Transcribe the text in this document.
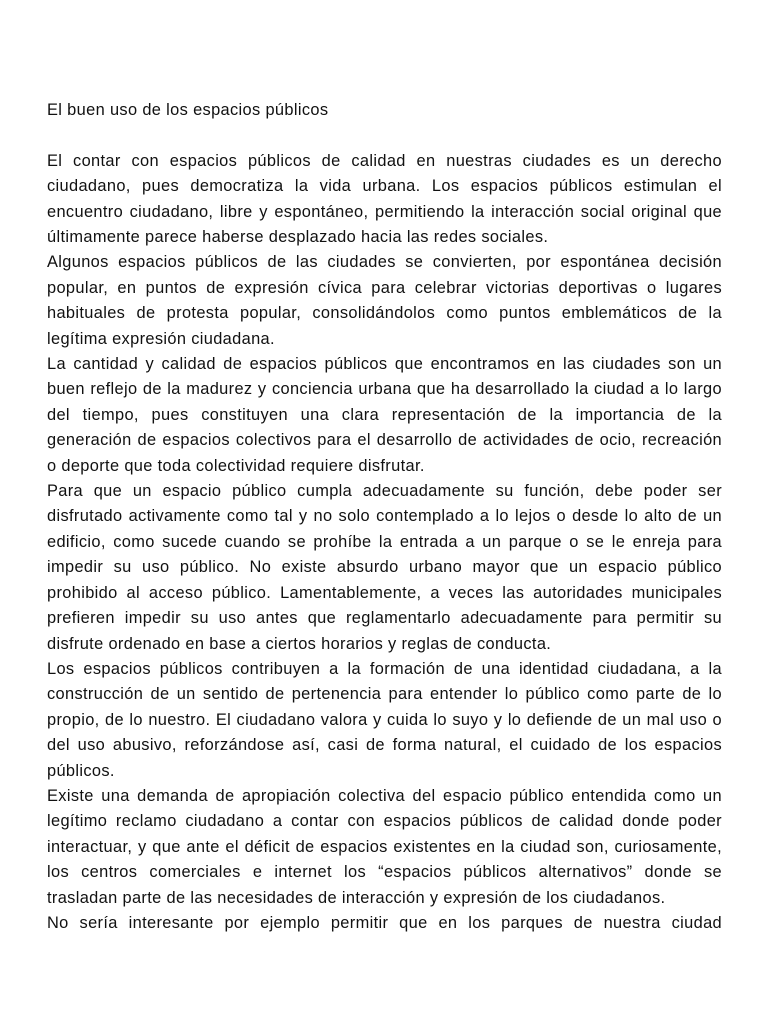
El buen uso de los espacios públicos

El contar con espacios públicos de calidad en nuestras ciudades es un derecho ciudadano, pues democratiza la vida urbana. Los espacios públicos estimulan el encuentro ciudadano, libre y espontáneo, permitiendo la interacción social original que últimamente parece haberse desplazado hacia las redes sociales.

Algunos espacios públicos de las ciudades se convierten, por espontánea decisión popular, en puntos de expresión cívica para celebrar victorias deportivas o lugares habituales de protesta popular, consolidándolos como puntos emblemáticos de la legítima expresión ciudadana.

La cantidad y calidad de espacios públicos que encontramos en las ciudades son un buen reflejo de la madurez y conciencia urbana que ha desarrollado la ciudad a lo largo del tiempo, pues constituyen una clara representación de la importancia de la generación de espacios colectivos para el desarrollo de actividades de ocio, recreación o deporte que toda colectividad requiere disfrutar.

Para que un espacio público cumpla adecuadamente su función, debe poder ser disfrutado activamente como tal y no solo contemplado a lo lejos o desde lo alto de un edificio, como sucede cuando se prohíbe la entrada a un parque o se le enreja para impedir su uso público. No existe absurdo urbano mayor que un espacio público prohibido al acceso público. Lamentablemente, a veces las autoridades municipales prefieren impedir su uso antes que reglamentarlo adecuadamente para permitir su disfrute ordenado en base a ciertos horarios y reglas de conducta.

Los espacios públicos contribuyen a la formación de una identidad ciudadana, a la construcción de un sentido de pertenencia para entender lo público como parte de lo propio, de lo nuestro. El ciudadano valora y cuida lo suyo y lo defiende de un mal uso o del uso abusivo, reforzándose así, casi de forma natural, el cuidado de los espacios públicos.

Existe una demanda de apropiación colectiva del espacio público entendida como un legítimo reclamo ciudadano a contar con espacios públicos de calidad donde poder interactuar, y que ante el déficit de espacios existentes en la ciudad son, curiosamente, los centros comerciales e internet los “espacios públicos alternativos” donde se trasladan parte de las necesidades de interacción y expresión de los ciudadanos.

No sería interesante por ejemplo permitir que en los parques de nuestra ciudad
